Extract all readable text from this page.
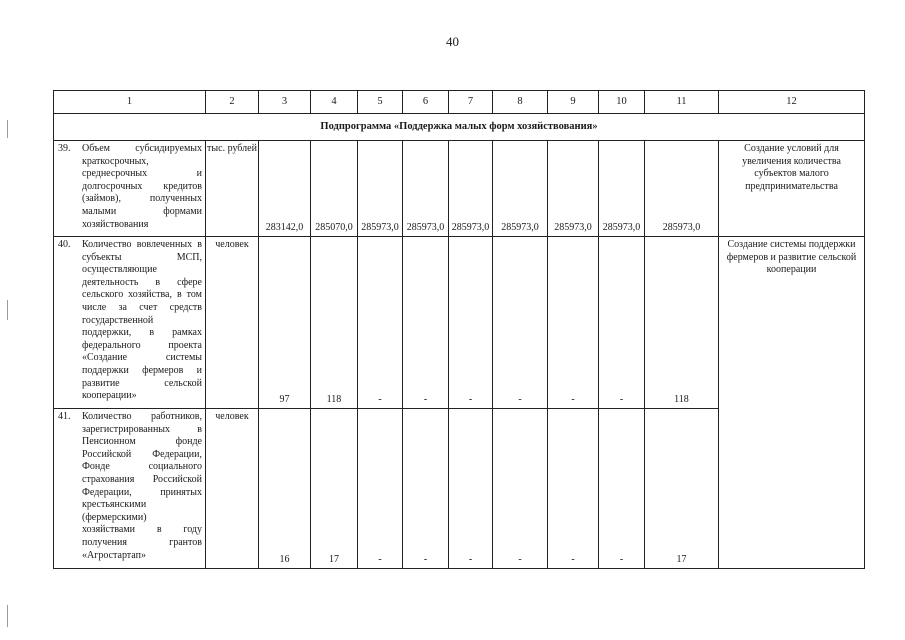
40
1	2	3	4	5	6	7	8	9	10	11	12
Подпрограмма «Поддержка малых форм хозяйствования»											

39. Объем субсидируемых краткосрочных, среднесрочных и долгосрочных кредитов (займов), полученных малыми формами хозяйствования	тыс. рублей	283142,0	285070,0	285973,0	285973,0	285973,0	285973,0	285973,0	285973,0	285973,0	Создание условий для увеличения количества субъектов малого предпринимательства

40. Количество вовлеченных в субъекты МСП, осуществляющие деятельность в сфере сельского хозяйства, в том числе за счет средств государственной поддержки, в рамках федерального проекта «Создание системы поддержки фермеров и развитие сельской кооперации»	человек	97	118	-	-	-	-	-	-	118	Создание системы поддержки фермеров и развитие сельской кооперации

41. Количество работников, зарегистрированных в Пенсионном фонде Российской Федерации, Фонде социального страхования Российской Федерации, принятых крестьянскими (фермерскими) хозяйствами в году получения грантов «Агростартап»	человек	16	17	-	-	-	-	-	-	17	
